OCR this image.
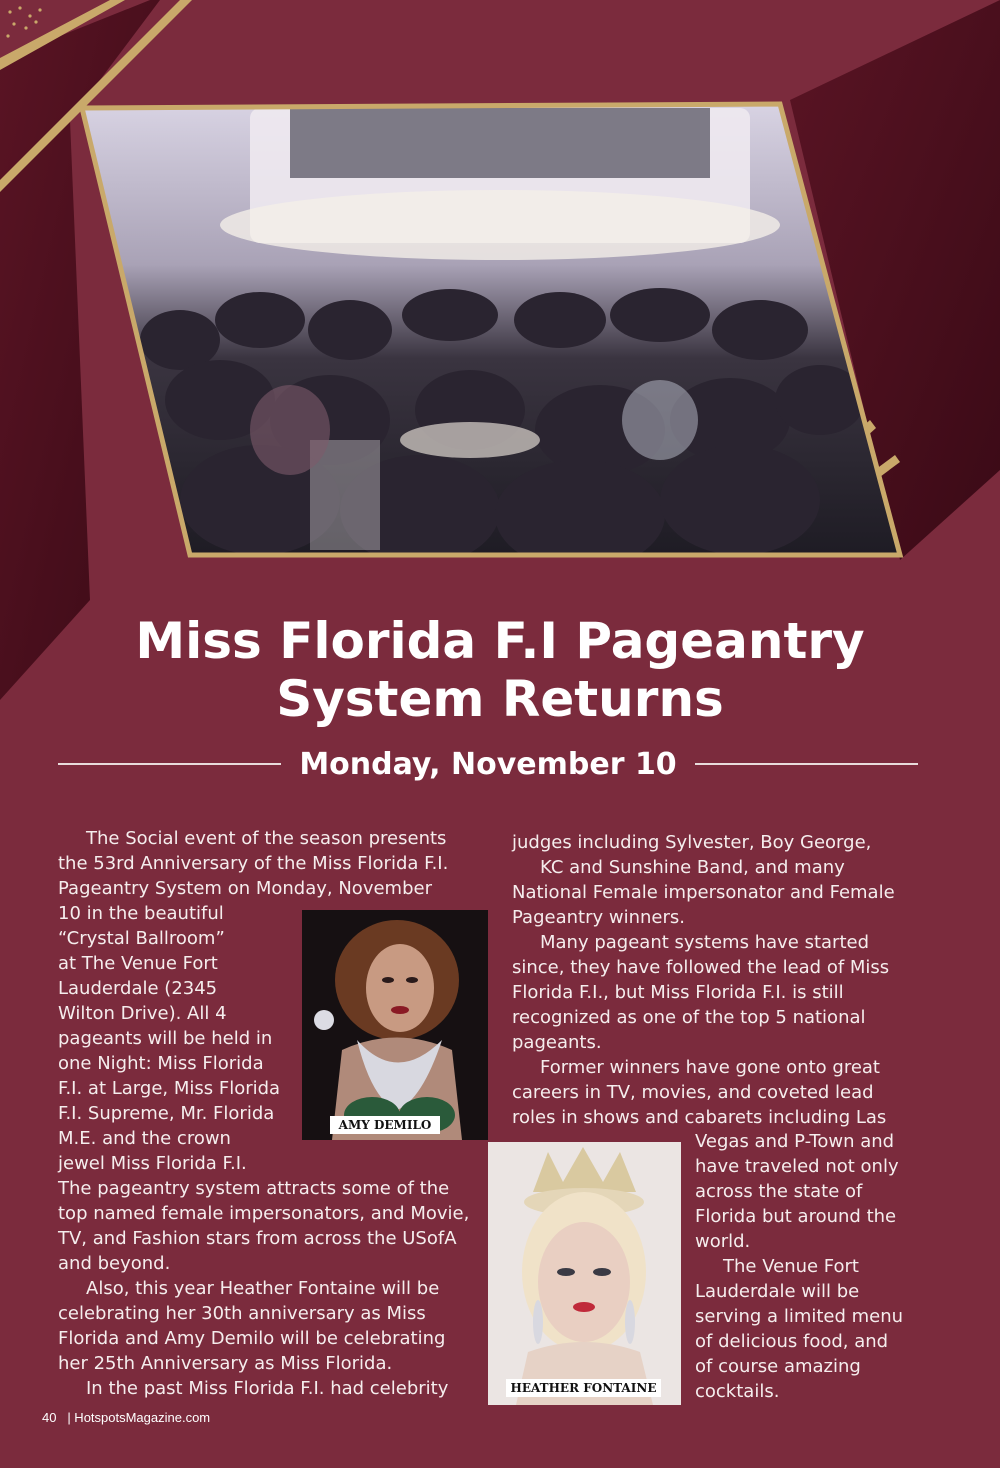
Miss Florida F.I Pageantry
System Returns
Monday, November 10

The Social event of the season presents the 53rd Anniversary of the Miss Florida F.I. Pageantry System on Monday, November

10 in the beautiful
“Crystal Ballroom”
at The Venue Fort
Lauderdale (2345
Wilton Drive). All 4
pageants will be held in
one Night: Miss Florida
F.I. at Large, Miss Florida
F.I. Supreme, Mr. Florida
M.E. and the crown
jewel Miss Florida F.I.

The pageantry system attracts some of the top named female impersonators, and Movie, TV, and Fashion stars from across the USofA and beyond.

Also, this year Heather Fontaine will be celebrating her 30th anniversary as Miss Florida and Amy Demilo will be celebrating her 25th Anniversary as Miss Florida.

In the past Miss Florida F.I. had celebrity

AMY DEMILO

judges including Sylvester, Boy George,

KC and Sunshine Band, and many National Female impersonator and Female Pageantry winners.

Many pageant systems have started since, they have followed the lead of Miss Florida F.I., but Miss Florida F.I. is still recognized as one of the top 5 national pageants.

Former winners have gone onto great careers in TV, movies, and coveted lead roles in shows and cabarets including Las

Vegas and P-Town and
have traveled not only
across the state of
Florida but around the
world.
The Venue Fort
Lauderdale will be
serving a limited menu
of delicious food, and
of course amazing
cocktails.
HEATHER FONTAINE
40 | HotspotsMagazine.com
